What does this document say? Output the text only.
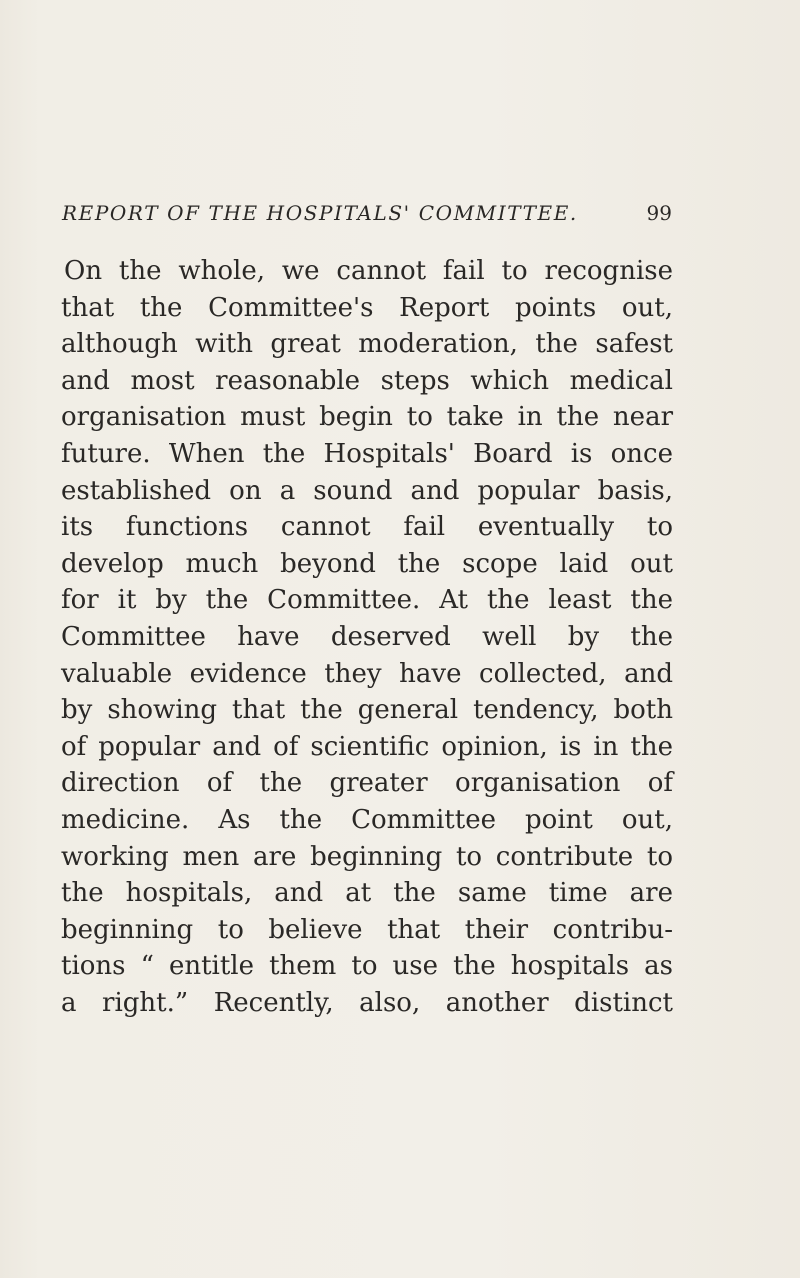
REPORT OF THE HOSPITALS' COMMITTEE.	99
On the whole, we cannot fail to recognise
that the Committee's Report points out,
although with great moderation, the safest
and most reasonable steps which medical
organisation must begin to take in the near
future. When the Hospitals' Board is once
established on a sound and popular basis,
its functions cannot fail eventually to
develop much beyond the scope laid out
for it by the Committee. At the least the
Committee have deserved well by the
valuable evidence they have collected, and
by showing that the general tendency, both
of popular and of scientific opinion, is in the
direction of the greater organisation of
medicine. As the Committee point out,
working men are beginning to contribute to
the hospitals, and at the same time are
beginning to believe that their contribu-
tions “ entitle them to use the hospitals as
a right.” Recently, also, another distinct
